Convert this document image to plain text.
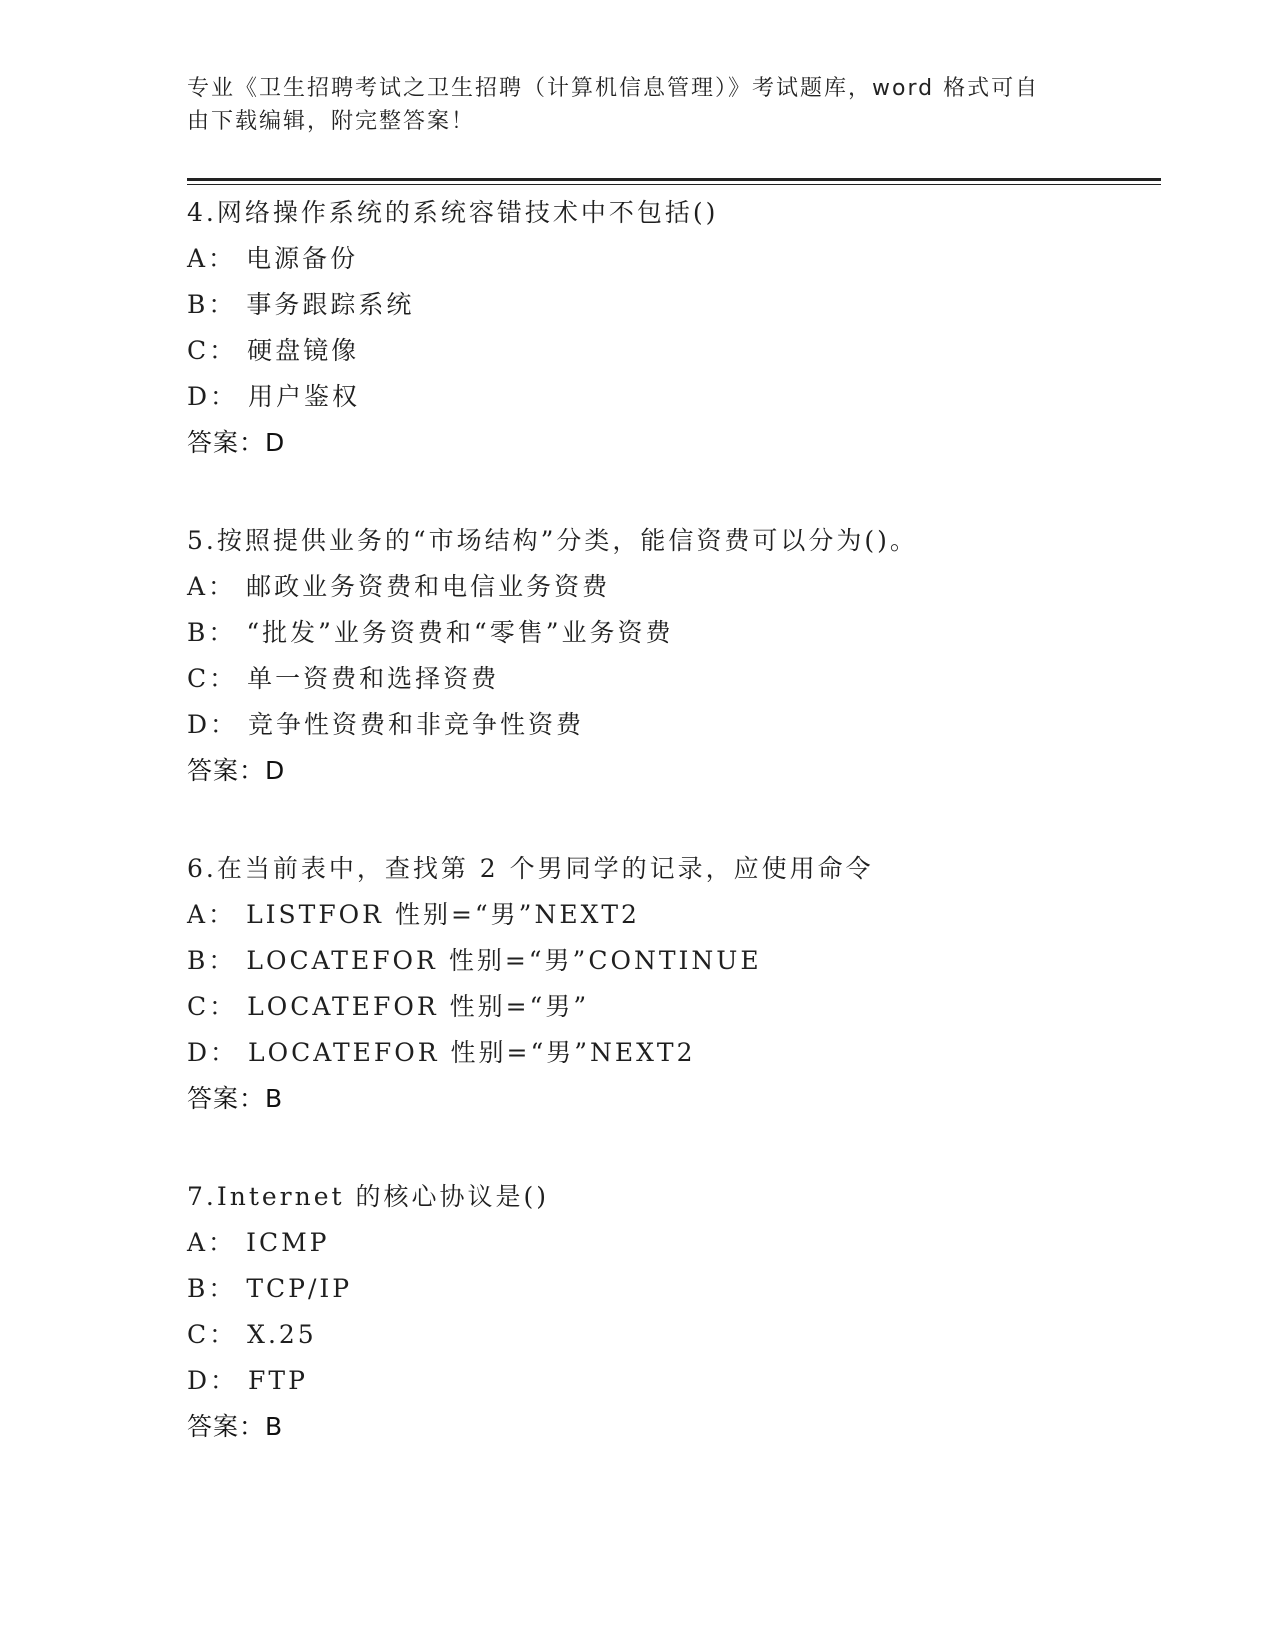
专业《卫生招聘考试之卫生招聘（计算机信息管理）》考试题库，word 格式可自
由下载编辑，附完整答案！
4.网络操作系统的系统容错技术中不包括()
A： 电源备份
B： 事务跟踪系统
C： 硬盘镜像
D： 用户鉴权
答案：D
5.按照提供业务的“市场结构”分类，能信资费可以分为()。
A： 邮政业务资费和电信业务资费
B： “批发”业务资费和“零售”业务资费
C： 单一资费和选择资费
D： 竞争性资费和非竞争性资费
答案：D
6.在当前表中，查找第 2 个男同学的记录，应使用命令
A： LISTFOR 性别=“男”NEXT2
B： LOCATEFOR 性别=“男”CONTINUE
C： LOCATEFOR 性别=“男”
D： LOCATEFOR 性别=“男”NEXT2
答案：B
7.Internet 的核心协议是()
A： ICMP
B： TCP/IP
C： X.25
D： FTP
答案：B
